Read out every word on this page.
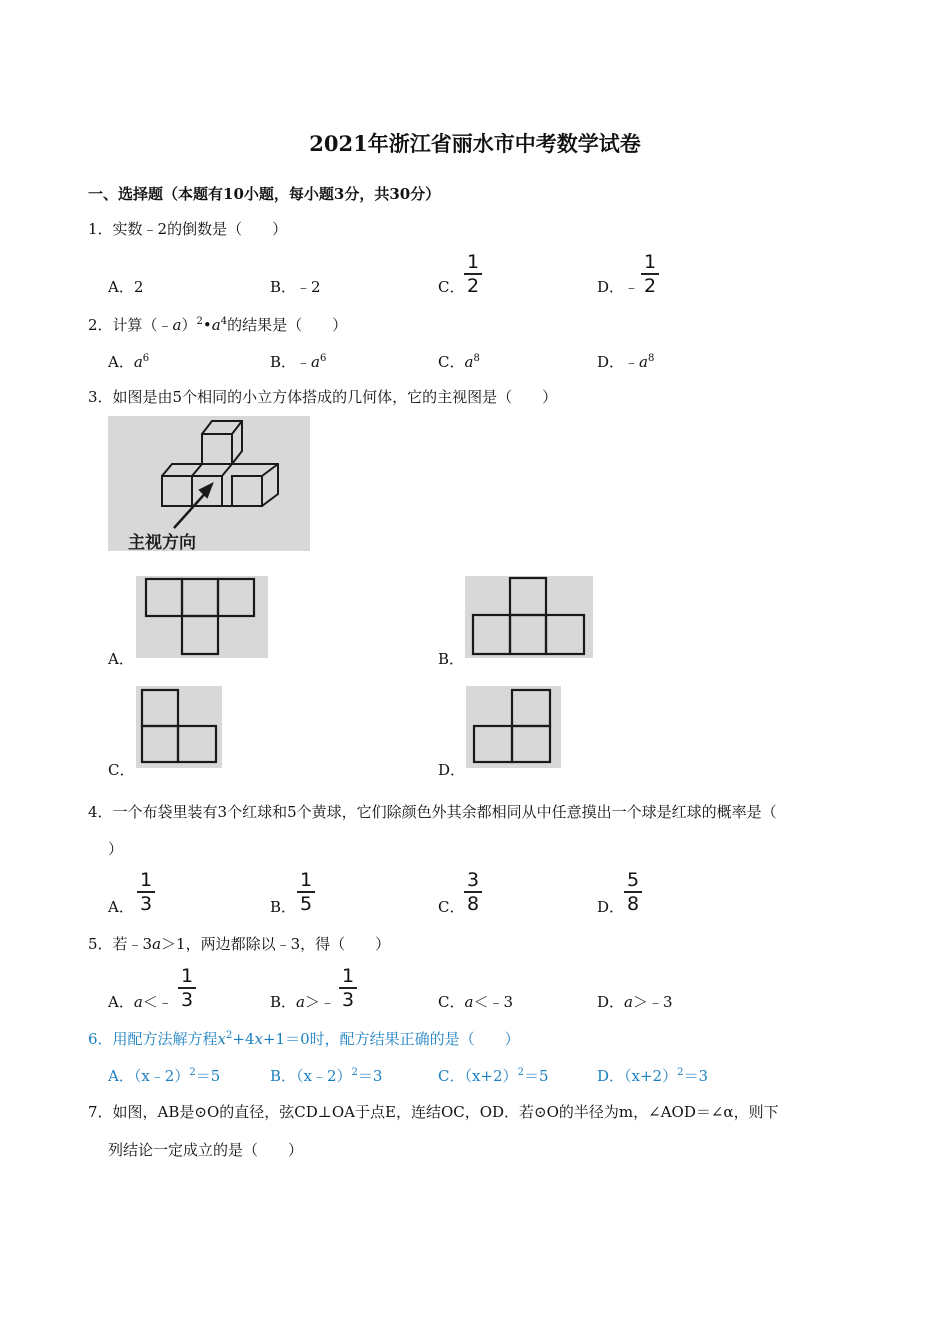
2021年浙江省丽水市中考数学试卷
一、选择题（本题有10小题，每小题3分，共30分）
1．实数﹣2的倒数是（　　）
A．2	B．﹣2	C．
1
2	D．﹣
1
2
2．计算$(﹣a)^2•a^4$的结果是（　　）
A．$a^6$	B．$﹣a^6$	C．$a^8$	D．$﹣a^8$
3．如图是由5个相同的小立方体搭成的几何体，它的主视图是（　　）
主视方向
A．	B．
C．	D．
4．一个布袋里装有3个红球和5个黄球，它们除颜色外其余都相同从中任意摸出一个球是红球的概率是（
）
A．
1
3	B．
1
5	C．
3
8	D．
5
8
5．若﹣3a＞1，两边都除以﹣3，得（　　）
A．a＜﹣
1
3	B．a＞﹣
1
3	C．a＜﹣3	D．a＞﹣3
6．用配方法解方程$x^2+4x+1=0$时，配方结果正确的是（　　）
A．（x﹣2）$^2$＝5	B．（x﹣2）$^2$＝3	C．$(x+2)^2=5$	D．$(x+2)^2=3$
7．如图，AB是⊙O的直径，弦CD⊥OA于点E，连结OC，OD．若⊙O的半径为m，∠AOD＝∠α，则下
列结论一定成立的是（　　）
